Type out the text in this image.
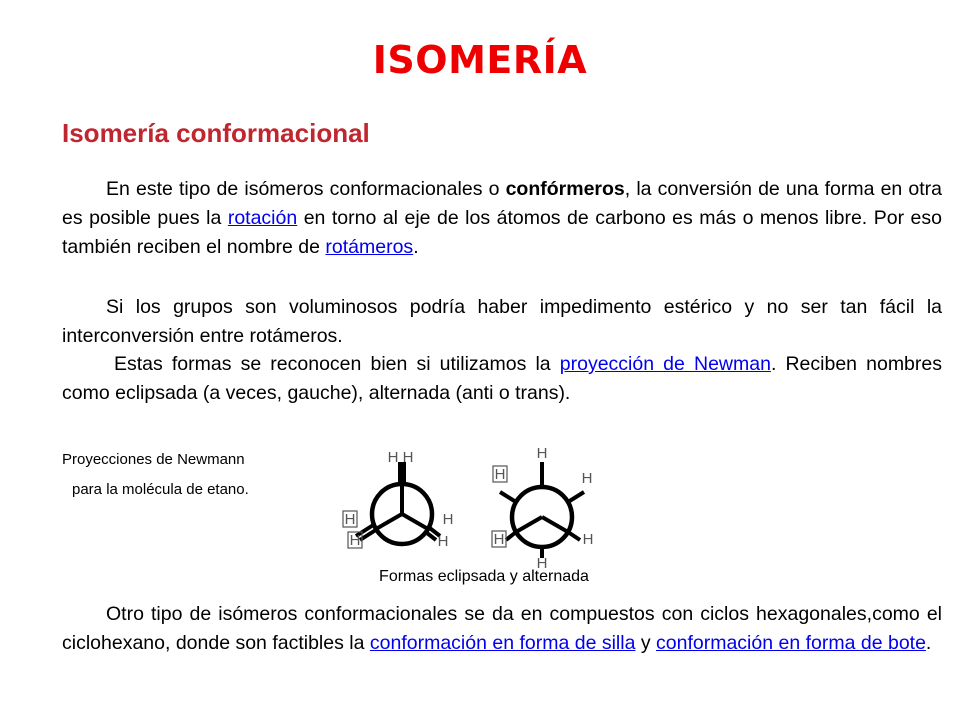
ISOMERÍA
Isomería conformacional

En este tipo de isómeros conformacionales o confórmeros, la conversión de una forma en otra es posible pues la rotación en torno al eje de los átomos de carbono es más o menos libre. Por eso también reciben el nombre de rotámeros.

Si los grupos son voluminosos podría haber impedimento estérico y no ser tan fácil la interconversión entre rotámeros.

Estas formas se reconocen bien si utilizamos la proyección de Newman. Reciben nombres como eclipsada (a veces, gauche), alternada (anti o trans).

Proyecciones de Newmann
para la molécula de etano.

H H
H
H
H
H
H
H	H
H	H
H

Formas eclipsada y alternada

Otro tipo de isómeros conformacionales se da en compuestos con ciclos hexagonales,como el ciclohexano, donde son factibles la conformación en forma de silla y conformación en forma de bote.
